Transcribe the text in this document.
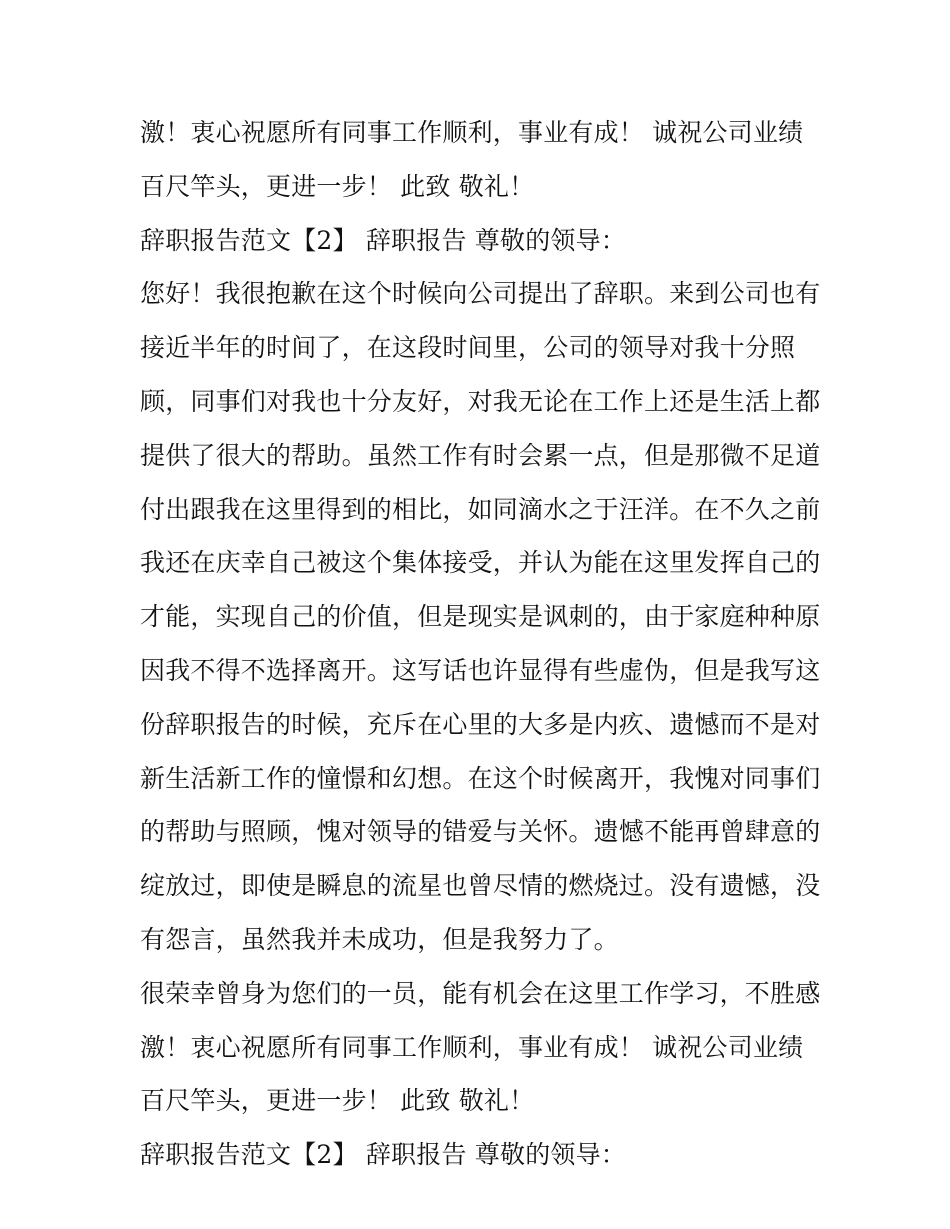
激！衷心祝愿所有同事工作顺利，事业有成！ 诚祝公司业绩
百尺竿头，更进一步！ 此致 敬礼！
辞职报告范文【2】 辞职报告 尊敬的领导：
您好！我很抱歉在这个时候向公司提出了辞职。来到公司也有
接近半年的时间了，在这段时间里，公司的领导对我十分照
顾，同事们对我也十分友好，对我无论在工作上还是生活上都
提供了很大的帮助。虽然工作有时会累一点，但是那微不足道
付出跟我在这里得到的相比，如同滴水之于汪洋。在不久之前
我还在庆幸自己被这个集体接受，并认为能在这里发挥自己的
才能，实现自己的价值，但是现实是讽刺的，由于家庭种种原
因我不得不选择离开。这写话也许显得有些虚伪，但是我写这
份辞职报告的时候，充斥在心里的大多是内疚、遗憾而不是对
新生活新工作的憧憬和幻想。在这个时候离开，我愧对同事们
的帮助与照顾，愧对领导的错爱与关怀。遗憾不能再曾肆意的
绽放过，即使是瞬息的流星也曾尽情的燃烧过。没有遗憾，没
有怨言，虽然我并未成功，但是我努力了。
很荣幸曾身为您们的一员，能有机会在这里工作学习，不胜感
激！衷心祝愿所有同事工作顺利，事业有成！ 诚祝公司业绩
百尺竿头，更进一步！ 此致 敬礼！
辞职报告范文【2】 辞职报告 尊敬的领导：
